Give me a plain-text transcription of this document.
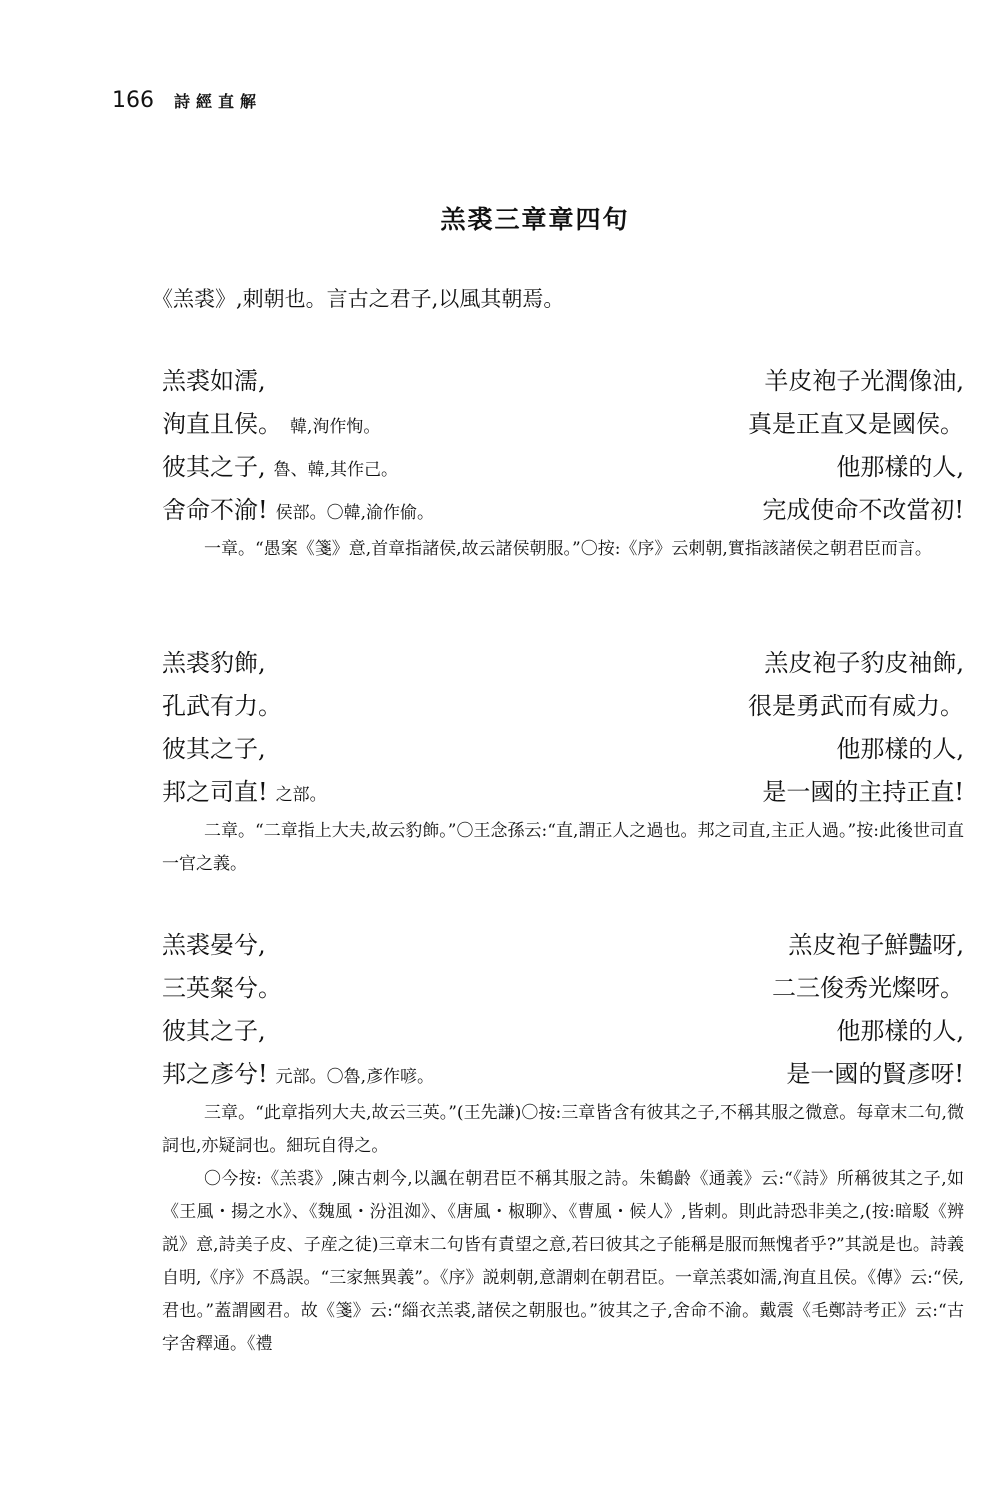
166 詩經直解
羔裘三章章四句
《羔裘》,刺朝也。言古之君子,以風其朝焉。
羔裘如濡,	羊皮袍子光潤像油,
洵直且侯。 韓,洵作恂。	真是正直又是國侯。
彼其之子, 魯、韓,其作己。	他那樣的人,
舍命不渝! 侯部。〇韓,渝作偷。	完成使命不改當初!

一章。“愚案《箋》意,首章指諸侯,故云諸侯朝服。”〇按:《序》云刺朝,實指該諸侯之朝君臣而言。

羔裘豹飾,	羔皮袍子豹皮袖飾,
孔武有力。	很是勇武而有威力。
彼其之子,	他那樣的人,
邦之司直! 之部。	是一國的主持正直!

二章。“二章指上大夫,故云豹飾。”〇王念孫云:“直,謂正人之過也。邦之司直,主正人過。”按:此後世司直一官之義。

羔裘晏兮,	羔皮袍子鮮豔呀,
三英粲兮。	二三俊秀光燦呀。
彼其之子,	他那樣的人,
邦之彥兮! 元部。〇魯,彥作喭。	是一國的賢彥呀!

三章。“此章指列大夫,故云三英。”(王先謙)〇按:三章皆含有彼其之子,不稱其服之微意。每章末二句,微詞也,亦疑詞也。細玩自得之。

〇今按:《羔裘》,陳古刺今,以諷在朝君臣不稱其服之詩。朱鶴齡《通義》云:“《詩》所稱彼其之子,如《王風・揚之水》、《魏風・汾沮洳》、《唐風・椒聊》、《曹風・候人》,皆刺。則此詩恐非美之,(按:暗駁《辨説》意,詩美子皮、子産之徒)三章末二句皆有責望之意,若曰彼其之子能稱是服而無愧者乎?”其説是也。詩義自明,《序》不爲誤。“三家無異義”。《序》説刺朝,意謂刺在朝君臣。一章羔裘如濡,洵直且侯。《傳》云:“侯,君也。”蓋謂國君。故《箋》云:“緇衣羔裘,諸侯之朝服也。”彼其之子,舍命不渝。戴震《毛鄭詩考正》云:“古字舍釋通。《禮
